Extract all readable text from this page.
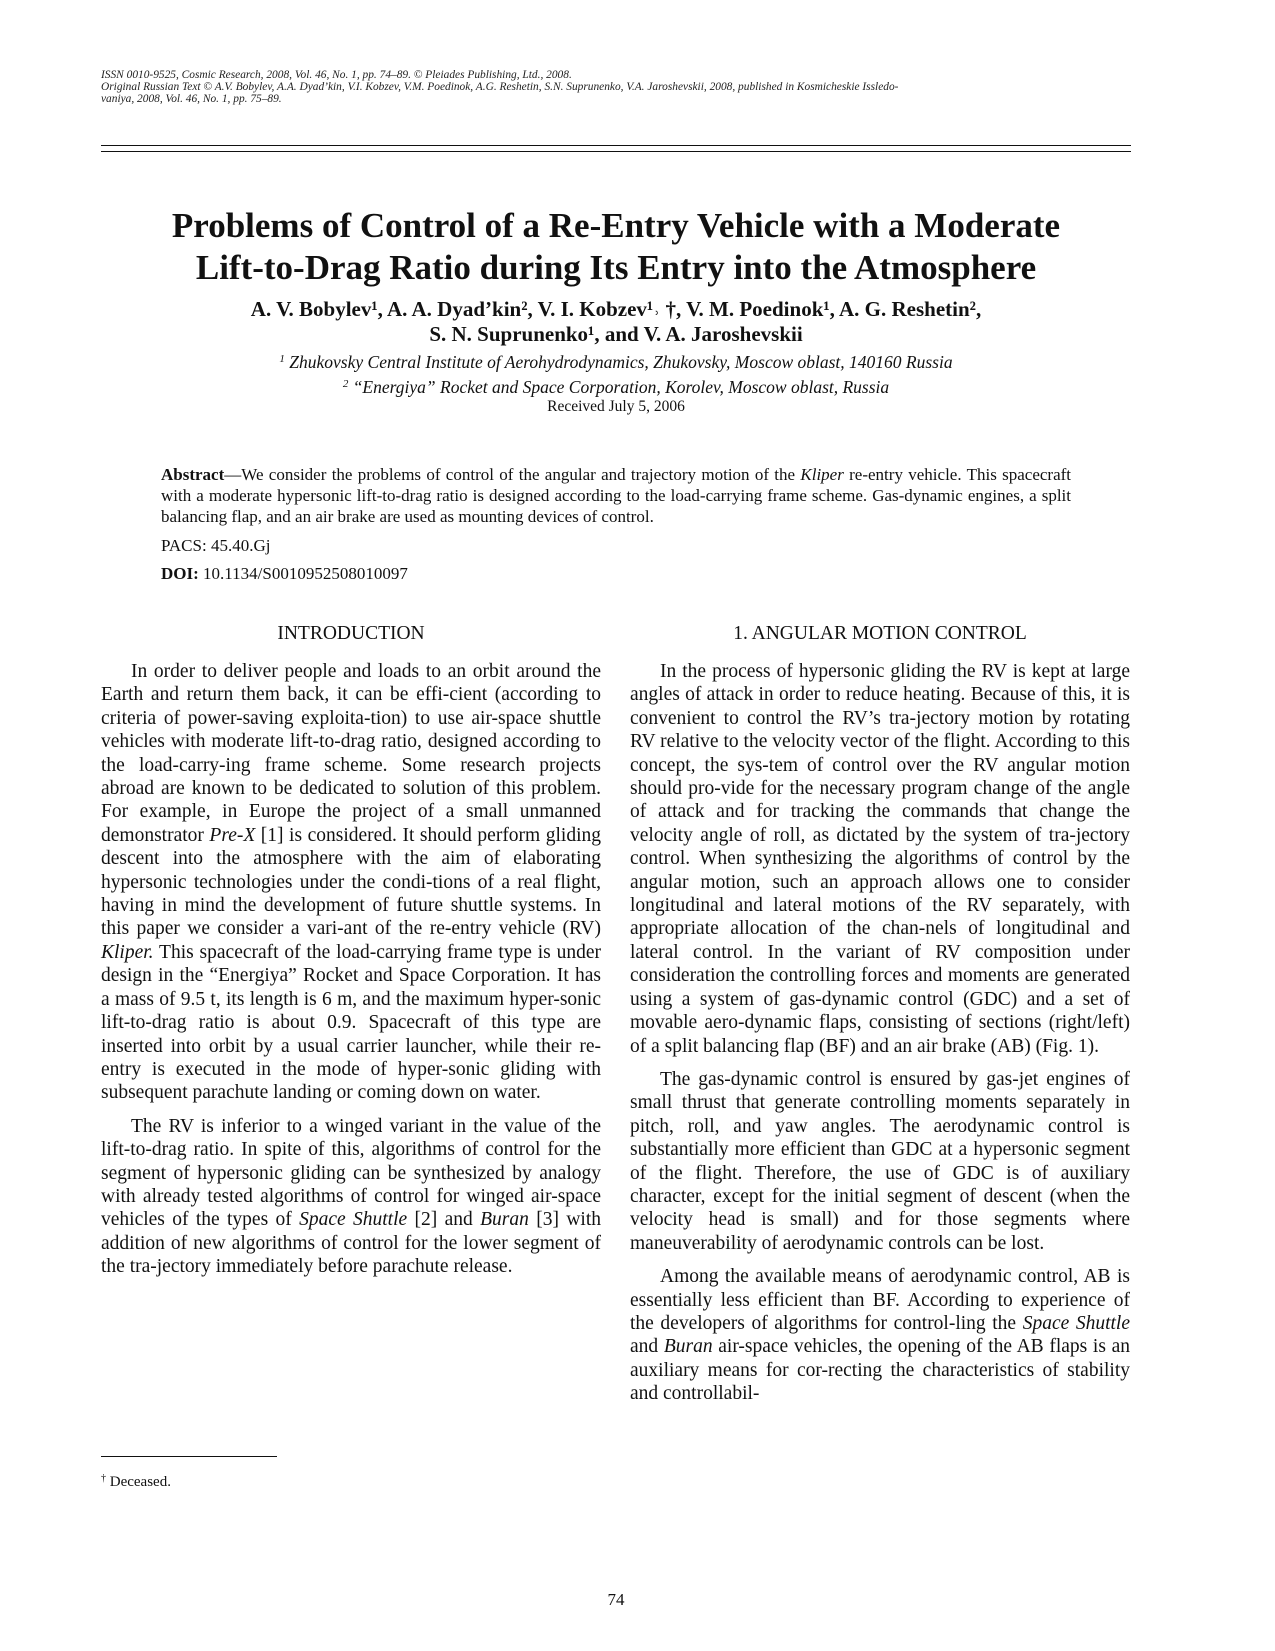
ISSN 0010-9525, Cosmic Research, 2008, Vol. 46, No. 1, pp. 74–89. © Pleiades Publishing, Ltd., 2008.
Original Russian Text © A.V. Bobylev, A.A. Dyad’kin, V.I. Kobzev, V.M. Poedinok, A.G. Reshetin, S.N. Suprunenko, V.A. Jaroshevskii, 2008, published in Kosmicheskie Issledo-
vaniya, 2008, Vol. 46, No. 1, pp. 75–89.
Problems of Control of a Re-Entry Vehicle with a Moderate
Lift-to-Drag Ratio during Its Entry into the Atmosphere
A. V. Bobylev¹, A. A. Dyad’kin², V. I. Kobzev¹˒ †, V. M. Poedinok¹, A. G. Reshetin²,
S. N. Suprunenko¹, and V. A. Jaroshevskii
$^1$ Zhukovsky Central Institute of Aerohydrodynamics, Zhukovsky, Moscow oblast, 140160 Russia
$^2$ “Energiya” Rocket and Space Corporation, Korolev, Moscow oblast, Russia
Received July 5, 2006
Abstract—We consider the problems of control of the angular and trajectory motion of the Kliper re-entry vehicle. This spacecraft with a moderate hypersonic lift-to-drag ratio is designed according to the load-carrying frame scheme. Gas-dynamic engines, a split balancing flap, and an air brake are used as mounting devices of control.
PACS: 45.40.Gj
DOI: 10.1134/S0010952508010097
INTRODUCTION	1. ANGULAR MOTION CONTROL

In order to deliver people and loads to an orbit around the Earth and return them back, it can be effi-cient (according to criteria of power-saving exploita-tion) to use air-space shuttle vehicles with moderate lift-to-drag ratio, designed according to the load-carry-ing frame scheme. Some research projects abroad are known to be dedicated to solution of this problem. For example, in Europe the project of a small unmanned demonstrator Pre-X [1] is considered. It should perform gliding descent into the atmosphere with the aim of elaborating hypersonic technologies under the condi-tions of a real flight, having in mind the development of future shuttle systems. In this paper we consider a vari-ant of the re-entry vehicle (RV) Kliper. This spacecraft of the load-carrying frame type is under design in the “Energiya” Rocket and Space Corporation. It has a mass of 9.5 t, its length is 6 m, and the maximum hyper-sonic lift-to-drag ratio is about 0.9. Spacecraft of this type are inserted into orbit by a usual carrier launcher, while their re-entry is executed in the mode of hyper-sonic gliding with subsequent parachute landing or coming down on water.

The RV is inferior to a winged variant in the value of the lift-to-drag ratio. In spite of this, algorithms of control for the segment of hypersonic gliding can be synthesized by analogy with already tested algorithms of control for winged air-space vehicles of the types of Space Shuttle [2] and Buran [3] with addition of new algorithms of control for the lower segment of the tra-jectory immediately before parachute release.

In the process of hypersonic gliding the RV is kept at large angles of attack in order to reduce heating. Because of this, it is convenient to control the RV’s tra-jectory motion by rotating RV relative to the velocity vector of the flight. According to this concept, the sys-tem of control over the RV angular motion should pro-vide for the necessary program change of the angle of attack and for tracking the commands that change the velocity angle of roll, as dictated by the system of tra-jectory control. When synthesizing the algorithms of control by the angular motion, such an approach allows one to consider longitudinal and lateral motions of the RV separately, with appropriate allocation of the chan-nels of longitudinal and lateral control. In the variant of RV composition under consideration the controlling forces and moments are generated using a system of gas-dynamic control (GDC) and a set of movable aero-dynamic flaps, consisting of sections (right/left) of a split balancing flap (BF) and an air brake (AB) (Fig. 1).

The gas-dynamic control is ensured by gas-jet engines of small thrust that generate controlling moments separately in pitch, roll, and yaw angles. The aerodynamic control is substantially more efficient than GDC at a hypersonic segment of the flight. Therefore, the use of GDC is of auxiliary character, except for the initial segment of descent (when the velocity head is small) and for those segments where maneuverability of aerodynamic controls can be lost.

Among the available means of aerodynamic control, AB is essentially less efficient than BF. According to experience of the developers of algorithms for control-ling the Space Shuttle and Buran air-space vehicles, the opening of the AB flaps is an auxiliary means for cor-recting the characteristics of stability and controllabil-

† Deceased.
74
